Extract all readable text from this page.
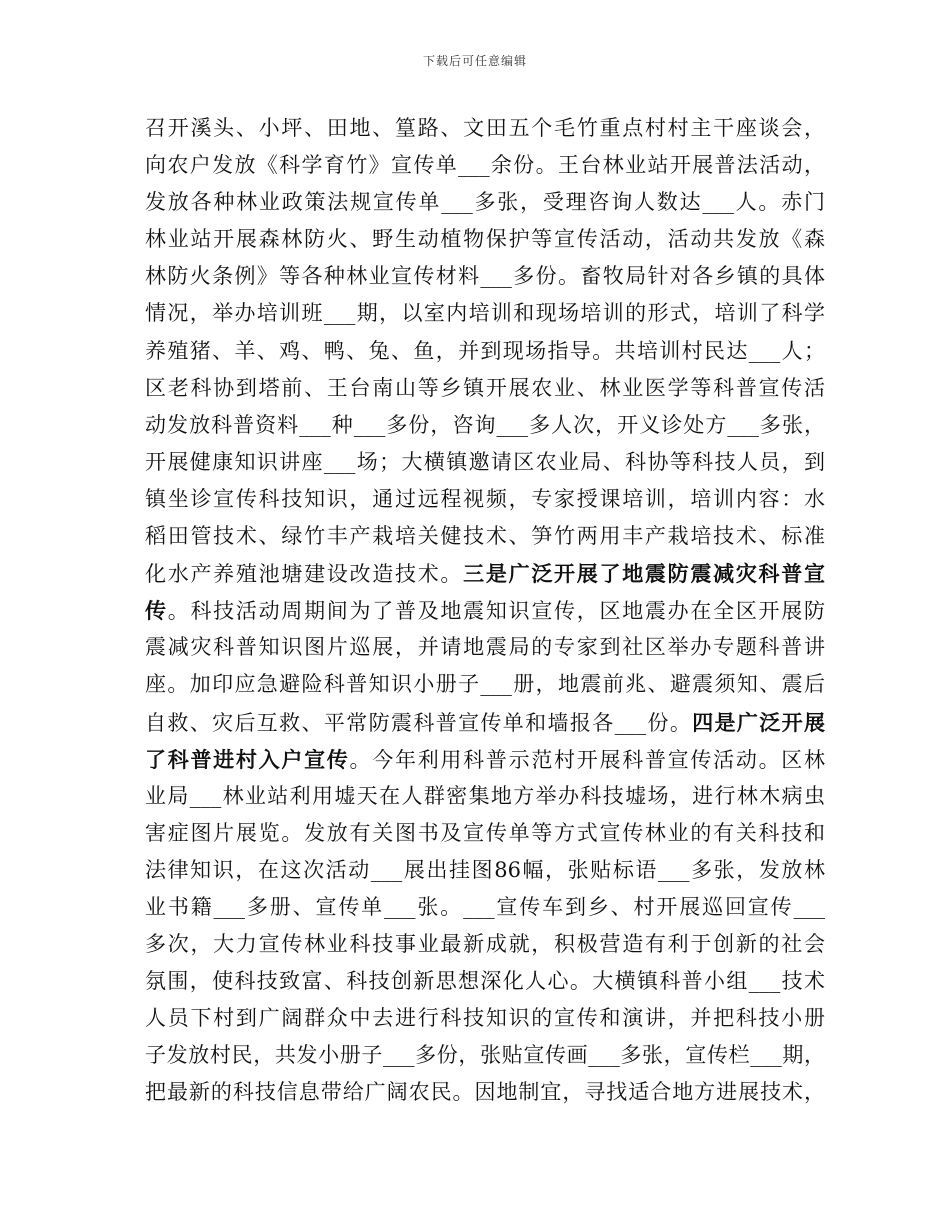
下载后可任意编辑
召开溪头、小坪、田地、篁路、文田五个毛竹重点村村主干座谈会，
向农户发放《科学育竹》宣传单___余份。王台林业站开展普法活动，
发放各种林业政策法规宣传单___多张，受理咨询人数达___人。赤门
林业站开展森林防火、野生动植物保护等宣传活动，活动共发放《森
林防火条例》等各种林业宣传材料___多份。畜牧局针对各乡镇的具体
情况，举办培训班___期，以室内培训和现场培训的形式，培训了科学
养殖猪、羊、鸡、鸭、兔、鱼，并到现场指导。共培训村民达___人；
区老科协到塔前、王台南山等乡镇开展农业、林业医学等科普宣传活
动发放科普资料___种___多份，咨询___多人次，开义诊处方___多张，
开展健康知识讲座___场；大横镇邀请区农业局、科协等科技人员，到
镇坐诊宣传科技知识，通过远程视频，专家授课培训，培训内容：水
稻田管技术、绿竹丰产栽培关健技术、笋竹两用丰产栽培技术、标准
化水产养殖池塘建设改造技术。三是广泛开展了地震防震减灾科普宣
传。科技活动周期间为了普及地震知识宣传，区地震办在全区开展防
震减灾科普知识图片巡展，并请地震局的专家到社区举办专题科普讲
座。加印应急避险科普知识小册子___册，地震前兆、避震须知、震后
自救、灾后互救、平常防震科普宣传单和墙报各___份。四是广泛开展
了科普进村入户宣传。今年利用科普示范村开展科普宣传活动。区林
业局___林业站利用墟天在人群密集地方举办科技墟场，进行林木病虫
害症图片展览。发放有关图书及宣传单等方式宣传林业的有关科技和
法律知识，在这次活动___展出挂图86幅，张贴标语___多张，发放林
业书籍___多册、宣传单___张。___宣传车到乡、村开展巡回宣传___
多次，大力宣传林业科技事业最新成就，积极营造有利于创新的社会
氛围，使科技致富、科技创新思想深化人心。大横镇科普小组___技术
人员下村到广阔群众中去进行科技知识的宣传和演讲，并把科技小册
子发放村民，共发小册子___多份，张贴宣传画___多张，宣传栏___期，
把最新的科技信息带给广阔农民。因地制宜，寻找适合地方进展技术，
